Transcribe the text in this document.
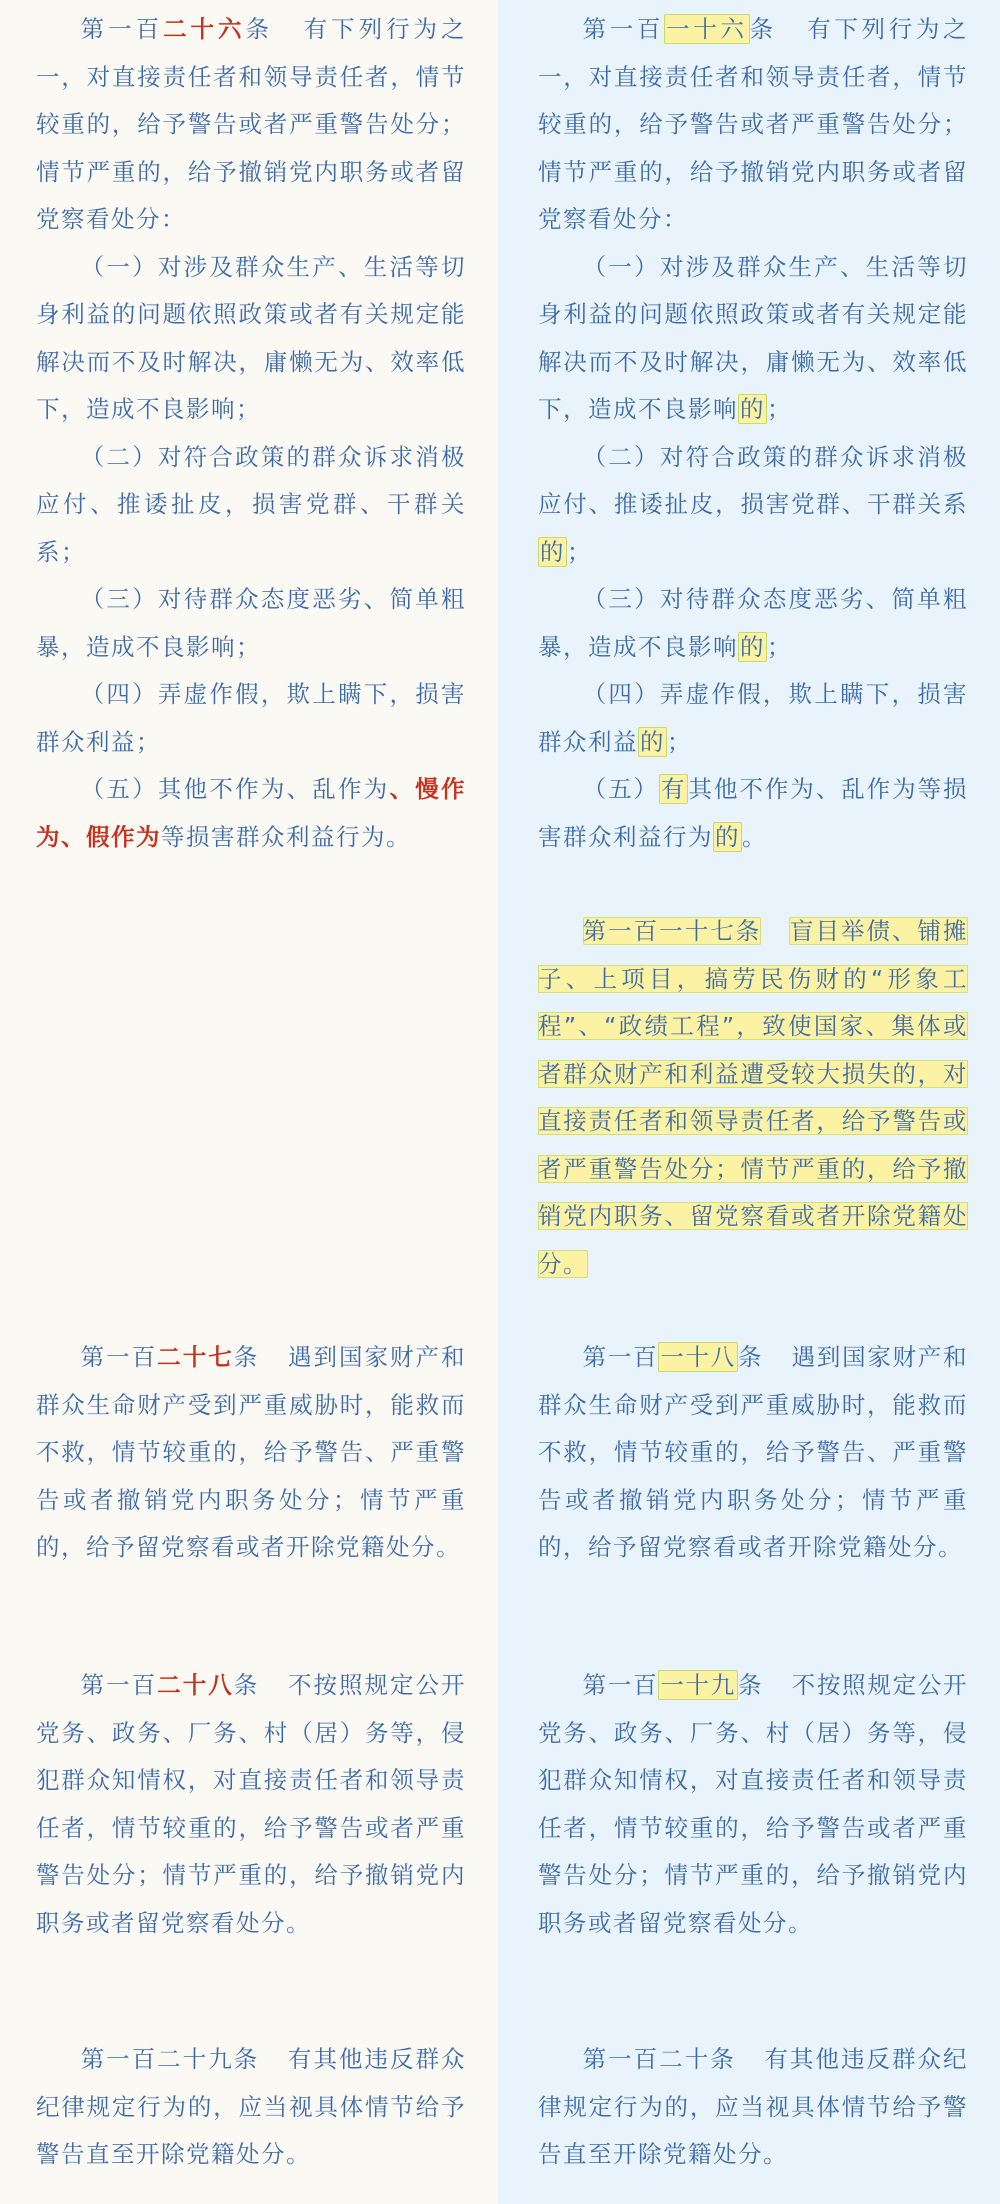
第一百二十六条 有下列行为之一，对直接责任者和领导责任者，情节较重的，给予警告或者严重警告处分；情节严重的，给予撤销党内职务或者留党察看处分：

（一）对涉及群众生产、生活等切身利益的问题依照政策或者有关规定能解决而不及时解决，庸懒无为、效率低下，造成不良影响；

（二）对符合政策的群众诉求消极应付、推诿扯皮，损害党群、干群关系；

（三）对待群众态度恶劣、简单粗暴，造成不良影响；

（四）弄虚作假，欺上瞒下，损害群众利益；

（五）其他不作为、乱作为、慢作为、假作为等损害群众利益行为。

第一百二十七条 遇到国家财产和群众生命财产受到严重威胁时，能救而不救，情节较重的，给予警告、严重警告或者撤销党内职务处分；情节严重的，给予留党察看或者开除党籍处分。

第一百二十八条 不按照规定公开党务、政务、厂务、村（居）务等，侵犯群众知情权，对直接责任者和领导责任者，情节较重的，给予警告或者严重警告处分；情节严重的，给予撤销党内职务或者留党察看处分。

第一百二十九条 有其他违反群众纪律规定行为的，应当视具体情节给予警告直至开除党籍处分。

第一百一十六条 有下列行为之一，对直接责任者和领导责任者，情节较重的，给予警告或者严重警告处分；情节严重的，给予撤销党内职务或者留党察看处分：

（一）对涉及群众生产、生活等切身利益的问题依照政策或者有关规定能解决而不及时解决，庸懒无为、效率低下，造成不良影响的；

（二）对符合政策的群众诉求消极应付、推诿扯皮，损害党群、干群关系的；

（三）对待群众态度恶劣、简单粗暴，造成不良影响的；

（四）弄虚作假，欺上瞒下，损害群众利益的；

（五）有其他不作为、乱作为等损害群众利益行为的。

第一百一十七条 盲目举债、铺摊子、上项目，搞劳民伤财的“形象工程”、“政绩工程”，致使国家、集体或者群众财产和利益遭受较大损失的，对直接责任者和领导责任者，给予警告或者严重警告处分；情节严重的，给予撤销党内职务、留党察看或者开除党籍处分。

第一百一十八条 遇到国家财产和群众生命财产受到严重威胁时，能救而不救，情节较重的，给予警告、严重警告或者撤销党内职务处分；情节严重的，给予留党察看或者开除党籍处分。

第一百一十九条 不按照规定公开党务、政务、厂务、村（居）务等，侵犯群众知情权，对直接责任者和领导责任者，情节较重的，给予警告或者严重警告处分；情节严重的，给予撤销党内职务或者留党察看处分。

第一百二十条 有其他违反群众纪律规定行为的，应当视具体情节给予警告直至开除党籍处分。
